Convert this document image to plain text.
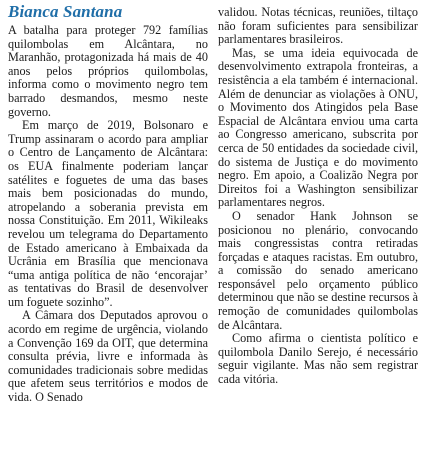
Bianca Santana

A batalha para proteger 792 famílias quilombolas em Alcântara, no Maranhão, protagonizada há mais de 40 anos pelos próprios quilombolas, informa como o movimento negro tem barrado desmandos, mesmo neste governo.

Em março de 2019, Bolsonaro e Trump assinaram o acordo para ampliar o Centro de Lançamento de Alcântara: os EUA finalmente poderiam lançar satélites e foguetes de uma das bases mais bem posicionadas do mundo, atropelando a soberania prevista em nossa Constituição. Em 2011, Wikileaks revelou um telegrama do Departamento de Estado americano à Embaixada da Ucrânia em Brasília que mencionava “uma antiga política de não ‘encorajar’ as tentativas do Brasil de desenvolver um foguete sozinho”.

A Câmara dos Deputados aprovou o acordo em regime de urgência, violando a Convenção 169 da OIT, que determina consulta prévia, livre e informada às comunidades tradicionais sobre medidas que afetem seus territórios e modos de vida. O Senado

validou. Notas técnicas, reuniões, tiltaço não foram suficientes para sensibilizar parlamentares brasileiros.

Mas, se uma ideia equivocada de desenvolvimento extrapola fronteiras, a resistência a ela também é internacional. Além de denunciar as violações à ONU, o Movimento dos Atingidos pela Base Espacial de Alcântara enviou uma carta ao Congresso americano, subscrita por cerca de 50 entidades da sociedade civil, do sistema de Justiça e do movimento negro. Em apoio, a Coalizão Negra por Direitos foi a Washington sensibilizar parlamentares negros.

O senador Hank Johnson se posicionou no plenário, convocando mais congressistas contra retiradas forçadas e ataques racistas. Em outubro, a comissão do senado americano responsável pelo orçamento público determinou que não se destine recursos à remoção de comunidades quilombolas de Alcântara.

Como afirma o cientista político e quilombola Danilo Serejo, é necessário seguir vigilante. Mas não sem registrar cada vitória.
